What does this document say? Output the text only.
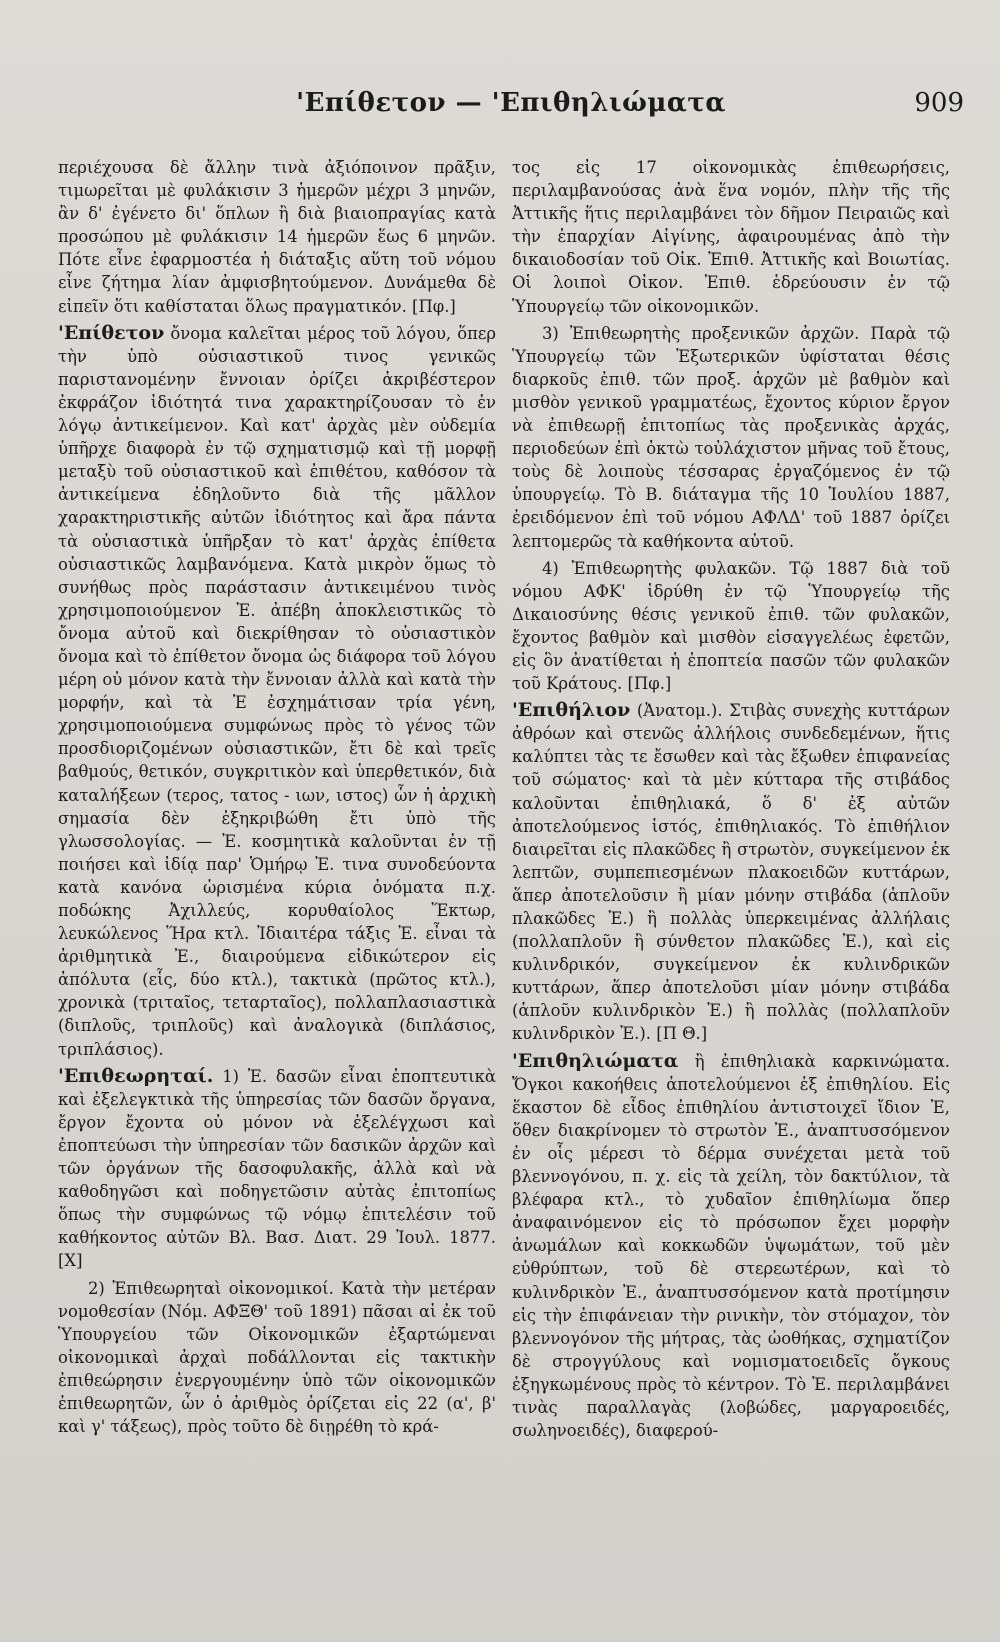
'Επίθετον — 'Επιθηλιώματα	909

περιέχουσα δὲ ἄλλην τινὰ ἀξιόποινον πρᾶξιν, τιμωρεῖται μὲ φυλάκισιν 3 ἡμερῶν μέχρι 3 μηνῶν, ἂν δ' ἐγένετο δι' ὅπλων ἢ διὰ βιαιοπραγίας κατὰ προσώπου μὲ φυλάκισιν 14 ἡμερῶν ἕως 6 μηνῶν. Πότε εἶνε ἐφαρμοστέα ἡ διάταξις αὕτη τοῦ νόμου εἶνε ζήτημα λίαν ἀμφισβητούμενον. Δυνάμεθα δὲ εἰπεῖν ὅτι καθίσταται ὅλως πραγματικόν. [Πφ.]

'Επίθετον ὄνομα καλεῖται μέρος τοῦ λόγου, ὅπερ τὴν ὑπὸ οὐσιαστικοῦ τινος γενικῶς παριστανομένην ἔννοιαν ὁρίζει ἀκριβέστερον ἐκφράζον ἰδιότητά τινα χαρακτηρίζουσαν τὸ ἐν λόγῳ ἀντικείμενον. Καὶ κατ' ἀρχὰς μὲν οὐδεμία ὑπῆρχε διαφορὰ ἐν τῷ σχηματισμῷ καὶ τῇ μορφῇ μεταξὺ τοῦ οὐσιαστικοῦ καὶ ἐπιθέτου, καθόσον τὰ ἀντικείμενα ἐδηλοῦντο διὰ τῆς μᾶλλον χαρακτηριστικῆς αὐτῶν ἰδιότητος καὶ ἄρα πάντα τὰ οὐσιαστικὰ ὑπῆρξαν τὸ κατ' ἀρχὰς ἐπίθετα οὐσιαστικῶς λαμβανόμενα. Κατὰ μικρὸν ὅμως τὸ συνήθως πρὸς παράστασιν ἀντικειμένου τινὸς χρησιμοποιούμενον Ἐ. ἀπέβη ἀποκλειστικῶς τὸ ὄνομα αὐτοῦ καὶ διεκρίθησαν τὸ οὐσιαστικὸν ὄνομα καὶ τὸ ἐπίθετον ὄνομα ὡς διάφορα τοῦ λόγου μέρη οὐ μόνον κατὰ τὴν ἔννοιαν ἀλλὰ καὶ κατὰ τὴν μορφήν, καὶ τὰ Ἐ ἐσχημάτισαν τρία γένη, χρησιμοποιούμενα συμφώνως πρὸς τὸ γένος τῶν προσδιοριζομένων οὐσιαστικῶν, ἔτι δὲ καὶ τρεῖς βαθμούς, θετικόν, συγκριτικὸν καὶ ὑπερθετικόν, διὰ καταλήξεων (τερος, τατος - ιων, ιστος) ὧν ἡ ἀρχικὴ σημασία δὲν ἐξηκριβώθη ἔτι ὑπὸ τῆς γλωσσολογίας. — Ἐ. κοσμητικὰ καλοῦνται ἐν τῇ ποιήσει καὶ ἰδίᾳ παρ' Ὁμήρῳ Ἐ. τινα συνοδεύοντα κατὰ κανόνα ὡρισμένα κύρια ὀνόματα π.χ. ποδώκης Ἀχιλλεύς, κορυθαίολος Ἕκτωρ, λευκώλενος Ἥρα κτλ. Ἰδιαιτέρα τάξις Ἐ. εἶναι τὰ ἀριθμητικὰ Ἐ., διαιρούμενα εἰδικώτερον εἰς ἀπόλυτα (εἷς, δύο κτλ.), τακτικὰ (πρῶτος κτλ.), χρονικὰ (τριταῖος, τεταρταῖος), πολλαπλασιαστικὰ (διπλοῦς, τριπλοῦς) καὶ ἀναλογικὰ (διπλάσιος, τριπλάσιος).

'Επιθεωρηταί. 1) Ἐ. δασῶν εἶναι ἐποπτευτικὰ καὶ ἐξελεγκτικὰ τῆς ὑπηρεσίας τῶν δασῶν ὄργανα, ἔργον ἔχοντα οὐ μόνον νὰ ἐξελέγχωσι καὶ ἐποπτεύωσι τὴν ὑπηρεσίαν τῶν δασικῶν ἀρχῶν καὶ τῶν ὀργάνων τῆς δασοφυλακῆς, ἀλλὰ καὶ νὰ καθοδηγῶσι καὶ ποδηγετῶσιν αὐτὰς ἐπιτοπίως ὅπως τὴν συμφώνως τῷ νόμῳ ἐπιτελέσιν τοῦ καθήκοντος αὐτῶν Βλ. Βασ. Διατ. 29 Ἰουλ. 1877. [Χ]

2) Ἐπιθεωρηταὶ οἰκονομικοί. Κατὰ τὴν μετέραν νομοθεσίαν (Νόμ. ΑΦΞΘ' τοῦ 1891) πᾶσαι αἱ ἐκ τοῦ Ὑπουργείου τῶν Οἰκονομικῶν ἐξαρτώμεναι οἰκονομικαὶ ἀρχαὶ ποδάλλονται εἰς τακτικὴν ἐπιθεώρησιν ἐνεργουμένην ὑπὸ τῶν οἰκονομικῶν ἐπιθεωρητῶν, ὧν ὁ ἀριθμὸς ὁρίζεται εἰς 22 (α', β' καὶ γ' τάξεως), πρὸς τοῦτο δὲ διῃρέθη τὸ κρά-

τος εἰς 17 οἰκονομικὰς ἐπιθεωρήσεις, περιλαμβανούσας ἀνὰ ἕνα νομόν, πλὴν τῆς τῆς Ἀττικῆς ἥτις περιλαμβάνει τὸν δῆμον Πειραιῶς καὶ τὴν ἐπαρχίαν Αἰγίνης, ἀφαιρουμένας ἀπὸ τὴν δικαιοδοσίαν τοῦ Οἰκ. Ἐπιθ. Ἀττικῆς καὶ Βοιωτίας. Οἱ λοιποὶ Οἰκον. Ἐπιθ. ἑδρεύουσιν ἐν τῷ Ὑπουργείῳ τῶν οἰκονομικῶν.

3) Ἐπιθεωρητὴς προξενικῶν ἀρχῶν. Παρὰ τῷ Ὑπουργείῳ τῶν Ἐξωτερικῶν ὑφίσταται θέσις διαρκοῦς ἐπιθ. τῶν προξ. ἀρχῶν μὲ βαθμὸν καὶ μισθὸν γενικοῦ γραμματέως, ἔχοντος κύριον ἔργον νὰ ἐπιθεωρῇ ἐπιτοπίως τὰς προξενικὰς ἀρχάς, περιοδεύων ἐπὶ ὀκτὼ τοὐλάχιστον μῆνας τοῦ ἔτους, τοὺς δὲ λοιποὺς τέσσαρας ἐργαζόμενος ἐν τῷ ὑπουργείῳ. Τὸ Β. διάταγμα τῆς 10 Ἰουλίου 1887, ἐρειδόμενον ἐπὶ τοῦ νόμου ΑΦΛΔ' τοῦ 1887 ὁρίζει λεπτομερῶς τὰ καθήκοντα αὐτοῦ.

4) Ἐπιθεωρητὴς φυλακῶν. Τῷ 1887 διὰ τοῦ νόμου ΑΦΚ' ἱδρύθη ἐν τῷ Ὑπουργείῳ τῆς Δικαιοσύνης θέσις γενικοῦ ἐπιθ. τῶν φυλακῶν, ἔχοντος βαθμὸν καὶ μισθὸν εἰσαγγελέως ἐφετῶν, εἰς ὃν ἀνατίθεται ἡ ἐποπτεία πασῶν τῶν φυλακῶν τοῦ Κράτους. [Πφ.]

'Επιθήλιον (Ἀνατομ.). Στιβὰς συνεχὴς κυττάρων ἀθρόων καὶ στενῶς ἀλλήλοις συνδεδεμένων, ἥτις καλύπτει τὰς τε ἔσωθεν καὶ τὰς ἔξωθεν ἐπιφανείας τοῦ σώματος· καὶ τὰ μὲν κύτταρα τῆς στιβάδος καλοῦνται ἐπιθηλιακά, ὅ δ' ἐξ αὐτῶν ἀποτελούμενος ἱστός, ἐπιθηλιακός. Τὸ ἐπιθήλιον διαιρεῖται εἰς πλακῶδες ἢ στρωτὸν, συγκείμενον ἐκ λεπτῶν, συμπεπιεσμένων πλακοειδῶν κυττάρων, ἅπερ ἀποτελοῦσιν ἢ μίαν μόνην στιβάδα (ἁπλοῦν πλακῶδες Ἐ.) ἢ πολλὰς ὑπερκειμένας ἀλλήλαις (πολλαπλοῦν ἢ σύνθετον πλακῶδες Ἐ.), καὶ εἰς κυλινδρικόν, συγκείμενον ἐκ κυλινδρικῶν κυττάρων, ἅπερ ἀποτελοῦσι μίαν μόνην στιβάδα (ἁπλοῦν κυλινδρικὸν Ἐ.) ἢ πολλὰς (πολλαπλοῦν κυλινδρικὸν Ἐ.). [Π Θ.]

'Επιθηλιώματα ἢ ἐπιθηλιακὰ καρκινώματα. Ὄγκοι κακοήθεις ἀποτελούμενοι ἐξ ἐπιθηλίου. Εἰς ἕκαστον δὲ εἶδος ἐπιθηλίου ἀντιστοιχεῖ ἴδιον Ἐ, ὅθεν διακρίνομεν τὸ στρωτὸν Ἐ., ἀναπτυσσόμενον ἐν οἷς μέρεσι τὸ δέρμα συνέχεται μετὰ τοῦ βλεννογόνου, π. χ. εἰς τὰ χείλη, τὸν δακτύλιον, τὰ βλέφαρα κτλ., τὸ χυδαῖον ἐπιθηλίωμα ὅπερ ἀναφαινόμενον εἰς τὸ πρόσωπον ἔχει μορφὴν ἀνωμάλων καὶ κοκκωδῶν ὑψωμάτων, τοῦ μὲν εὐθρύπτων, τοῦ δὲ στερεωτέρων, καὶ τὸ κυλινδρικὸν Ἐ., ἀναπτυσσόμενον κατὰ προτίμησιν εἰς τὴν ἐπιφάνειαν τὴν ρινικὴν, τὸν στόμαχον, τὸν βλεννογόνον τῆς μήτρας, τὰς ὠοθήκας, σχηματίζον δὲ στρογγύλους καὶ νομισματοειδεῖς ὄγκους ἐξηγκωμένους πρὸς τὸ κέντρον. Τὸ Ἐ. περιλαμβάνει τινὰς παραλλαγὰς (λοβώδες, μαργαροειδές, σωληνοειδές), διαφερού-
